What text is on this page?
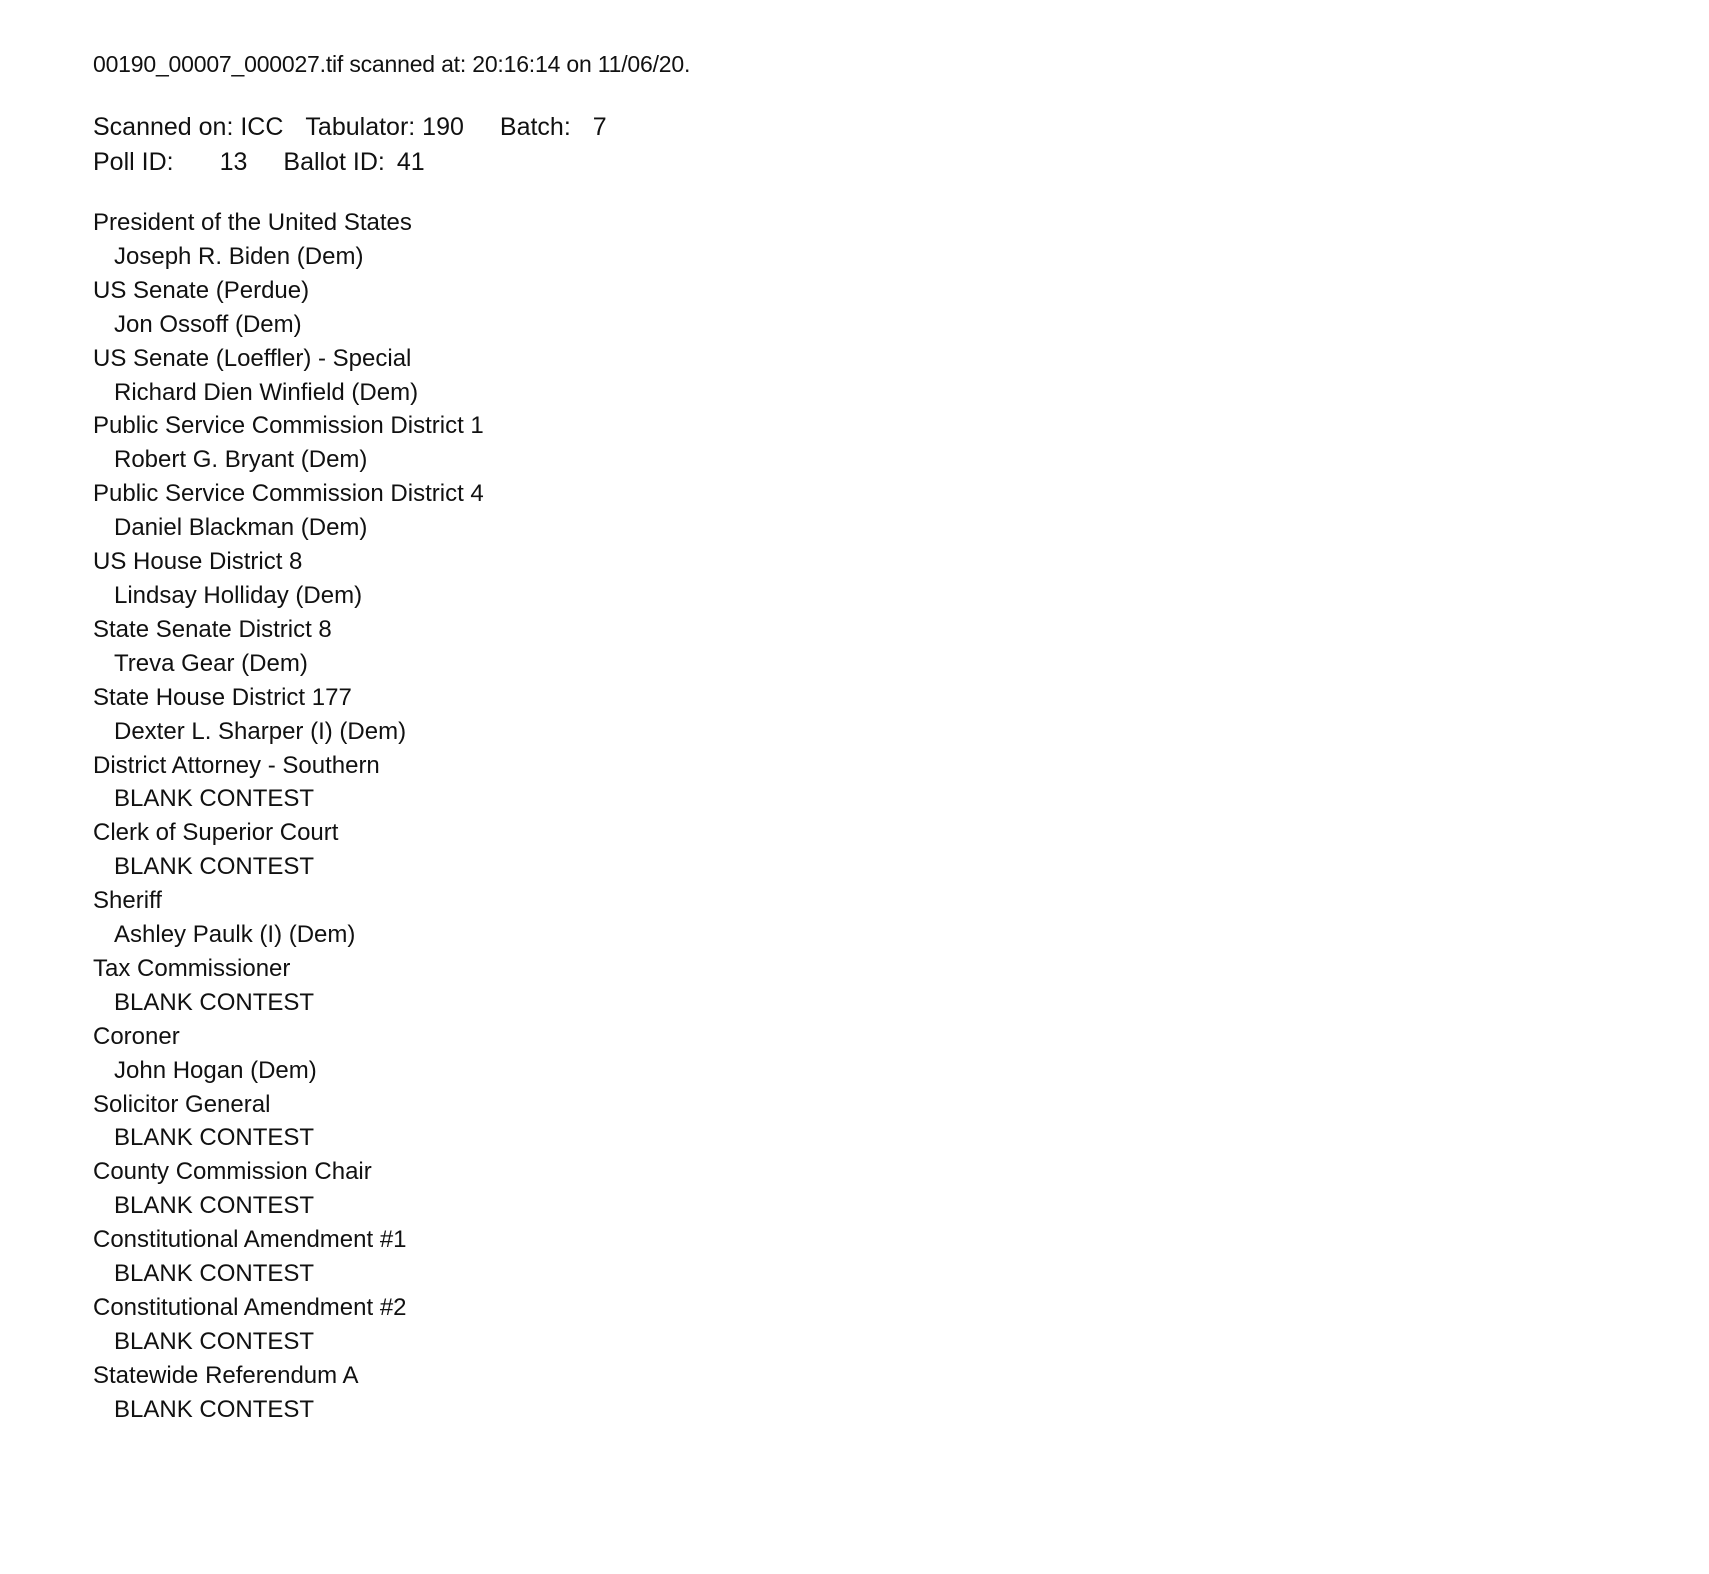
00190_00007_000027.tif scanned at: 20:16:14 on 11/06/20.
Scanned on: ICC Tabulator: 190 Batch: 7
Poll ID: 13 Ballot ID: 41
President of the United States
Joseph R. Biden (Dem)
US Senate (Perdue)
Jon Ossoff (Dem)
US Senate (Loeffler) - Special
Richard Dien Winfield (Dem)
Public Service Commission District 1
Robert G. Bryant (Dem)
Public Service Commission District 4
Daniel Blackman (Dem)
US House District 8
Lindsay Holliday (Dem)
State Senate District 8
Treva Gear (Dem)
State House District 177
Dexter L. Sharper (I) (Dem)
District Attorney - Southern
BLANK CONTEST
Clerk of Superior Court
BLANK CONTEST
Sheriff
Ashley Paulk (I) (Dem)
Tax Commissioner
BLANK CONTEST
Coroner
John Hogan (Dem)
Solicitor General
BLANK CONTEST
County Commission Chair
BLANK CONTEST
Constitutional Amendment #1
BLANK CONTEST
Constitutional Amendment #2
BLANK CONTEST
Statewide Referendum A
BLANK CONTEST
